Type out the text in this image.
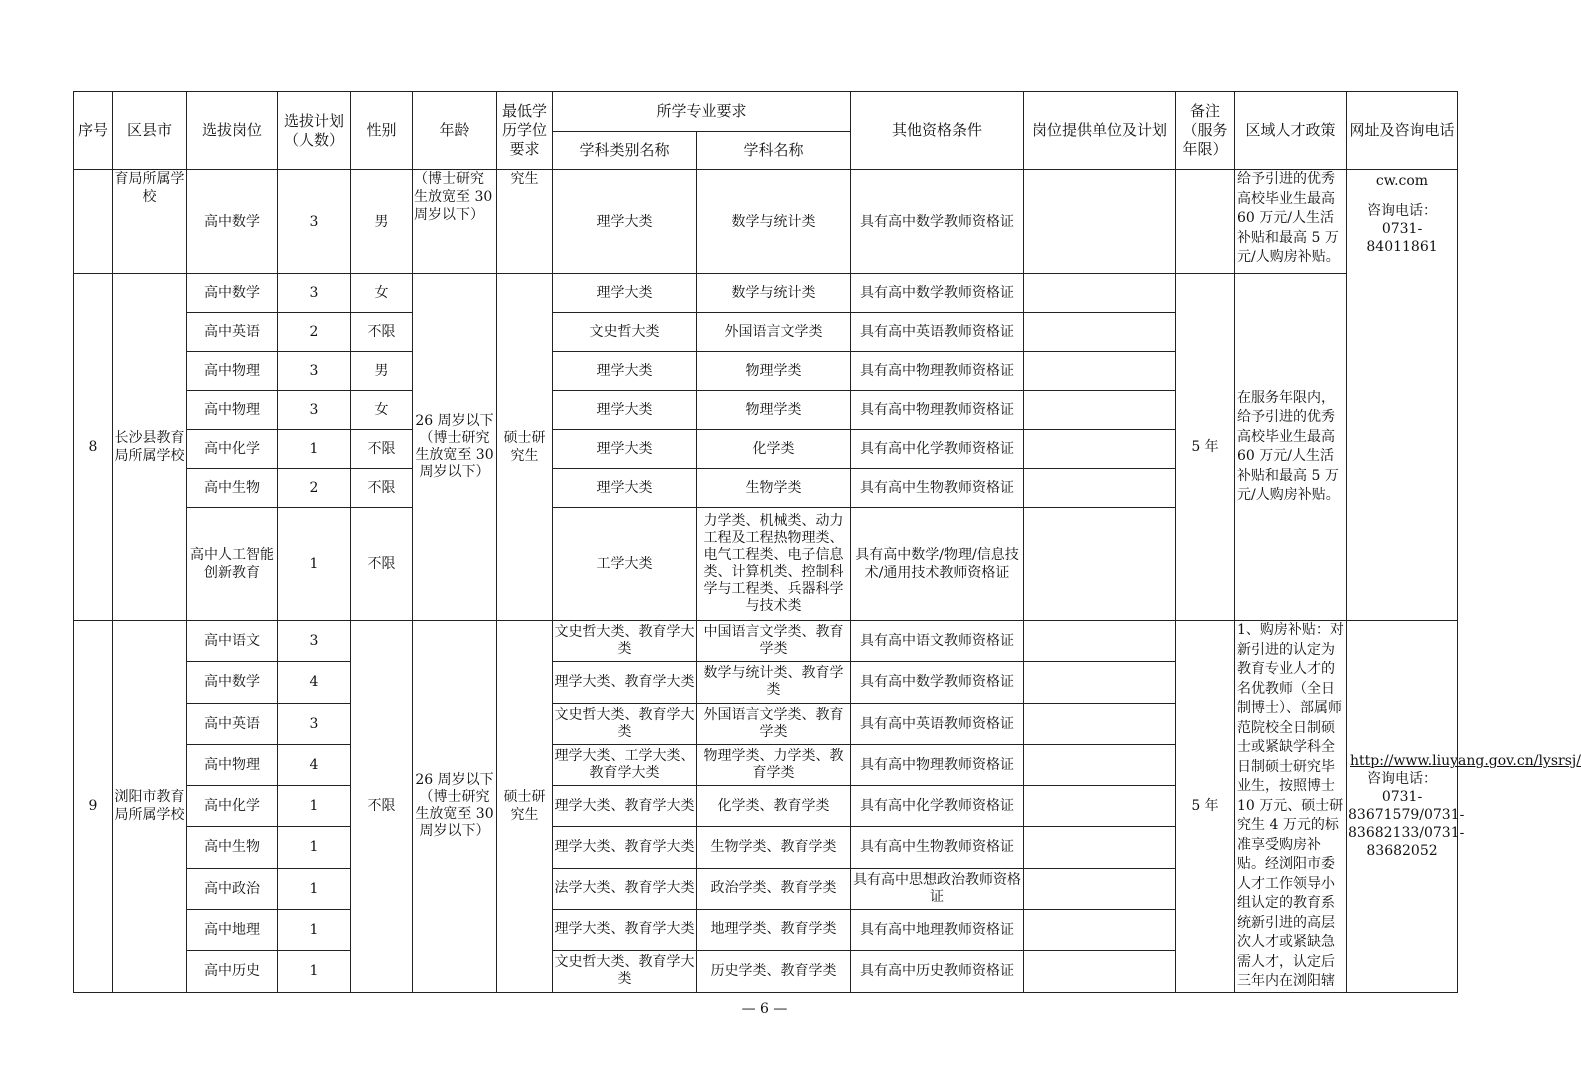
序号	区县市	选拔岗位	选拔计划（人数）	性别	年龄	最低学历学位要求	所学专业要求		其他资格条件	岗位提供单位及计划	备注（服务年限）	区域人才政策	网址及咨询电话
							学科类别名称	学科名称					
	育局所属学校	高中数学	3	男	（博士研究生放宽至 30 周岁以下）	究生	理学大类	数学与统计类	具有高中数学教师资格证			给予引进的优秀高校毕业生最高 60 万元/人生活补贴和最高 5 万元/人购房补贴。	cw.com
咨询电话：
0731-84011861

8	长沙县教育局所属学校	高中数学	3	女	26 周岁以下（博士研究生放宽至 30 周岁以下）	硕士研究生	理学大类	数学与统计类	具有高中数学教师资格证		5 年	在服务年限内，给予引进的优秀高校毕业生最高 60 万元/人生活补贴和最高 5 万元/人购房补贴。	
		高中英语	2	不限			文史哲大类	外国语言文学类	具有高中英语教师资格证				
		高中物理	3	男			理学大类	物理学类	具有高中物理教师资格证				
		高中物理	3	女			理学大类	物理学类	具有高中物理教师资格证				
		高中化学	1	不限			理学大类	化学类	具有高中化学教师资格证				
		高中生物	2	不限			理学大类	生物学类	具有高中生物教师资格证				
		高中人工智能创新教育	1	不限			工学大类	力学类、机械类、动力工程及工程热物理类、电气工程类、电子信息类、计算机类、控制科学与工程类、兵器科学与技术类	具有高中数学/物理/信息技术/通用技术教师资格证				
9	浏阳市教育局所属学校	高中语文	3	不限	26 周岁以下（博士研究生放宽至 30 周岁以下）	硕士研究生	文史哲大类、教育学大类	中国语言文学类、教育学类	具有高中语文教师资格证		5 年	1、购房补贴：对新引进的认定为教育专业人才的名优教师（全日制博士）、部属师范院校全日制硕士或紧缺学科全日制硕士研究毕业生，按照博士 10 万元、硕士研究生 4 万元的标准享受购房补贴。经浏阳市委人才工作领导小组认定的教育系统新引进的高层次人才或紧缺急需人才，认定后三年内在浏阳辖	http://www.liuyang.gov.cn/lysrsj/
咨询电话：
0731-83671579/0731-83682133/0731-83682052

		高中数学	4				理学大类、教育学大类	数学与统计类、教育学类	具有高中数学教师资格证				
		高中英语	3				文史哲大类、教育学大类	外国语言文学类、教育学类	具有高中英语教师资格证				
		高中物理	4				理学大类、工学大类、教育学大类	物理学类、力学类、教育学类	具有高中物理教师资格证				
		高中化学	1				理学大类、教育学大类	化学类、教育学类	具有高中化学教师资格证				
		高中生物	1				理学大类、教育学大类	生物学类、教育学类	具有高中生物教师资格证				
		高中政治	1				法学大类、教育学大类	政治学类、教育学类	具有高中思想政治教师资格证				
		高中地理	1				理学大类、教育学大类	地理学类、教育学类	具有高中地理教师资格证				
		高中历史	1				文史哲大类、教育学大类	历史学类、教育学类	具有高中历史教师资格证				
— 6 —
